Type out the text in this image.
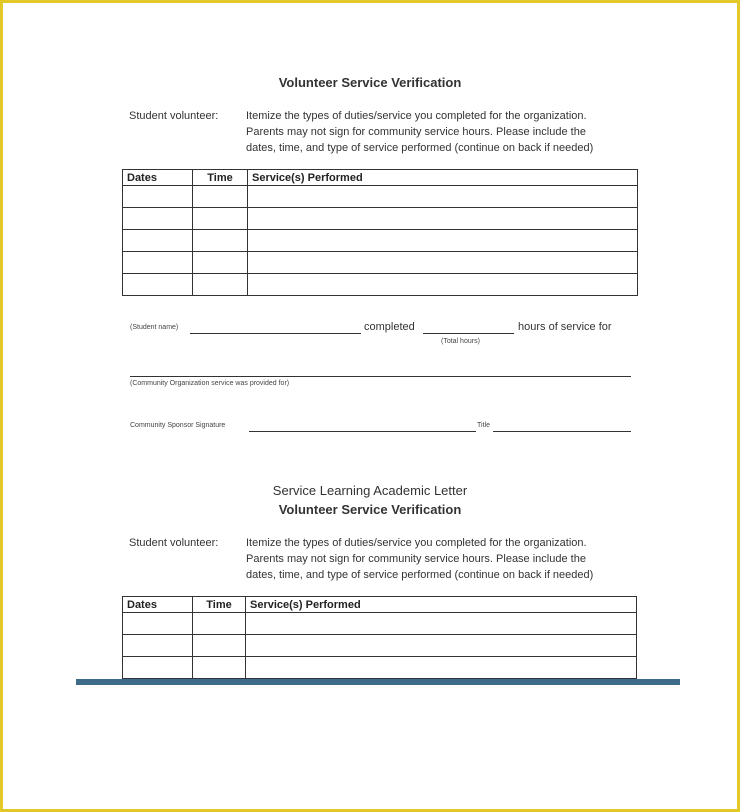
Volunteer Service Verification
Student volunteer:	Itemize the types of duties/service you completed for the organization.
Parents may not sign for community service hours. Please include the
dates, time, and type of service performed (continue on back if needed)
Dates	Time	Service(s) Performed

(Student name)	completed	hours of service for
(Total hours)
(Community Organization service was provided for)
Community Sponsor Signature	Title
Service Learning Academic Letter
Volunteer Service Verification
Student volunteer:	Itemize the types of duties/service you completed for the organization.
Parents may not sign for community service hours. Please include the
dates, time, and type of service performed (continue on back if needed)
Dates	Time	Service(s) Performed
